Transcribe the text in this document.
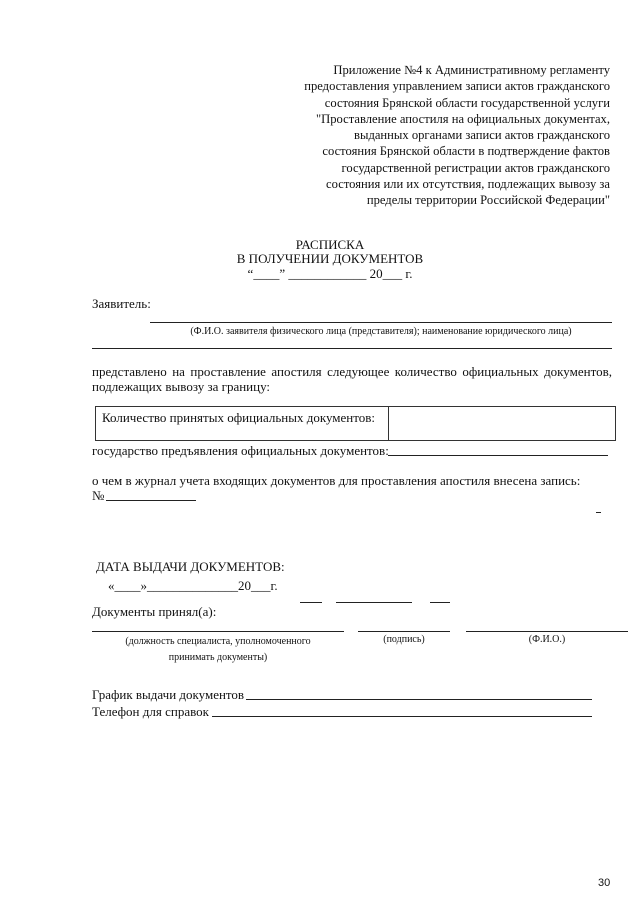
Приложение №4 к Административному регламенту предоставления управлением записи актов гражданского состояния Брянской области государственной услуги "Проставление апостиля на официальных документах, выданных органами записи актов гражданского состояния Брянской области в подтверждение фактов государственной регистрации актов гражданского состояния или их отсутствия, подлежащих вывозу за пределы территории Российской Федерации"
РАСПИСКА
В ПОЛУЧЕНИИ ДОКУМЕНТОВ
“____” ____________ 20___ г.
Заявитель:
(Ф.И.О. заявителя физического лица (представителя); наименование юридического лица)
представлено на проставление апостиля следующее количество официальных документов, подлежащих вывозу за границу:
Количество принятых официальных документов:
государство предъявления официальных документов:
о чем в журнал учета входящих документов для проставления апостиля внесена запись:
№
ДАТА ВЫДАЧИ ДОКУМЕНТОВ:
«____»______________20___г.
Документы принял(а):
(должность специалиста, уполномоченного принимать документы)
(подпись)	(Ф.И.О.)
График выдачи документов
Телефон для справок
30
